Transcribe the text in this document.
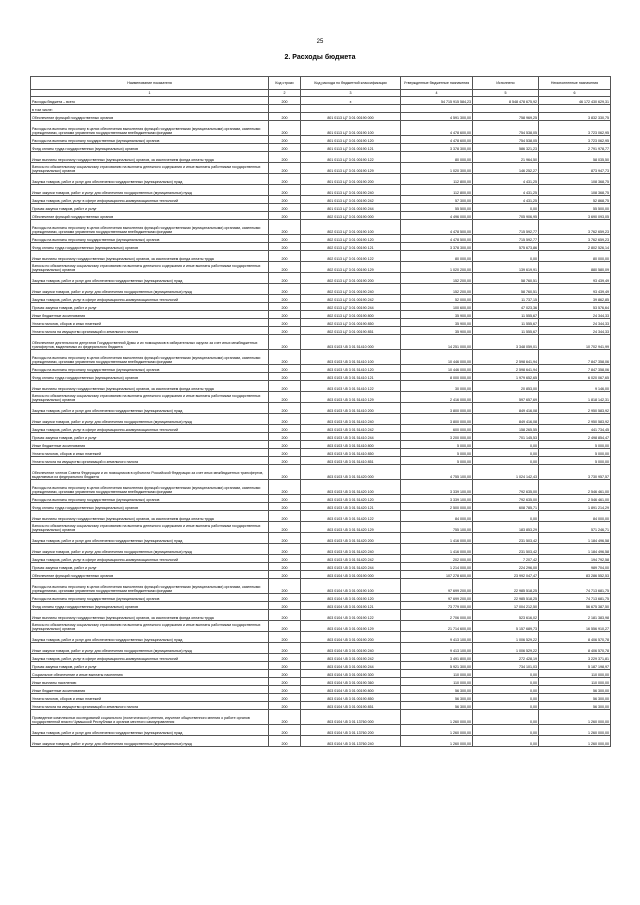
25
2. Расходы бюджета
Наименование показателя	Код строки	Код расхода по бюджетной классификации	Утвержденные бюджетные назначения	Исполнено	Неисполненные назначения
1	2	3	4	5	6
Расходы бюджета – всего	200	x	54 715 915 584,23	8 548 478 675,92	46 172 430 629,31
в том числе:					
Обеспечение функций государственных органов	200	801 0113 Ц7 3 01 00190 000	4 591 300,00	758 969,25	3 832 330,75
Расходы на выплаты персоналу в целях обеспечения выполнения функций государственными (муниципальными) органами, казенными учреждениями, органами управления государственными внебюджетными фондами	200	801 0113 Ц7 3 01 00190 100	4 478 600,00	754 538,05	3 723 062,95
Расходы на выплаты персоналу государственных (муниципальных) органов	200	801 0113 Ц7 3 01 00190 120	4 478 600,00	754 538,05	3 723 062,95
Фонд оплаты труда государственных (муниципальных) органов	200	801 0113 Ц7 3 01 00190 121	3 378 300,00	586 321,23	2 791 978,77
Иные выплаты персоналу государственных (муниципальных) органов, за исключением фонда оплаты труда	200	801 0113 Ц7 3 01 00190 122	80 000,00	21 964,50	58 035,50
Взносы по обязательному социальному страхованию на выплаты денежного содержания и иные выплаты работникам государственных (муниципальных) органов	200	801 0113 Ц7 3 01 00190 129	1 020 300,00	146 252,27	873 947,73
Закупка товаров, работ и услуг для обеспечения государственных (муниципальных) нужд	200	801 0113 Ц7 3 01 00190 200	112 800,00	4 431,25	108 368,75
Иные закупки товаров, работ и услуг для обеспечения государственных (муниципальных) нужд	200	801 0113 Ц7 3 01 00190 240	112 800,00	4 431,25	108 368,75
Закупка товаров, работ, услуг в сфере информационно-коммуникационных технологий	200	801 0113 Ц7 3 01 00190 242	57 300,00	4 431,25	52 868,75
Прочая закупка товаров, работ и услуг	200	801 0113 Ц7 3 01 00190 244	55 500,00	0,00	55 500,00
Обеспечение функций государственных органов	200	802 0113 Ц7 3 01 00190 000	4 496 000,00	705 906,95	3 690 093,05
Расходы на выплаты персоналу в целях обеспечения выполнения функций государственными (муниципальными) органами, казенными учреждениями, органами управления государственными внебюджетными фондами	200	802 0113 Ц7 3 01 00190 100	4 478 500,00	715 592,77	3 762 659,23
Расходы на выплаты персоналу государственных (муниципальных) органов	200	802 0113 Ц7 3 01 00190 120	4 478 500,00	715 592,77	3 762 659,23
Фонд оплаты труда государственных (муниципальных) органов	200	802 0113 Ц7 3 01 00190 121	3 378 300,00	575 673,86	2 802 526,14
Иные выплаты персоналу государственных (муниципальных) органов, за исключением фонда оплаты труда	200	802 0113 Ц7 3 01 00190 122	80 000,00	0,00	80 000,00
Взносы по обязательному социальному страхованию на выплаты денежного содержания и иные выплаты работникам государственных (муниципальных) органов	200	802 0113 Ц7 3 01 00190 129	1 020 200,00	139 619,91	880 580,09
Закупка товаров, работ и услуг для обеспечения государственных (муниципальных) нужд	200	802 0113 Ц7 3 01 00190 200	152 200,00	58 760,51	93 439,49
Иные закупки товаров, работ и услуг для обеспечения государственных (муниципальных) нужд	200	802 0113 Ц7 3 01 00190 240	152 200,00	58 760,51	93 439,49
Закупка товаров, работ, услуг в сфере информационно-коммуникационных технологий	200	802 0113 Ц7 3 01 00190 242	52 000,00	11 737,15	39 862,85
Прочая закупка товаров, работ и услуг	200	802 0113 Ц7 3 01 00190 244	100 600,00	47 023,36	53 576,64
Иные бюджетные ассигнования	200	802 0113 Ц7 3 01 00190 800	35 900,00	11 555,67	24 344,33
Уплата налогов, сборов и иных платежей	200	802 0113 Ц7 3 01 00190 850	35 900,00	11 555,67	24 344,33
Уплата налога на имущество организаций и земельного налога	200	802 0113 Ц7 3 01 00190 851	35 900,00	11 555,67	24 344,33
Обеспечение деятельности депутатов Государственной Думы и их помощников в избирательных округах за счет иных межбюджетных трансфертов, выделяемых из федерального бюджета	200	803 0103 Ч5 3 01 51410 000	14 251 000,00	3 348 059,01	10 702 941,99
Расходы на выплаты персоналу в целях обеспечения выполнения функций государственными (муниципальными) органами, казенными учреждениями, органами управления государственными внебюджетными фондами	200	803 0103 Ч5 3 01 51410 100	10 446 000,00	2 598 641,94	7 847 358,06
Расходы на выплаты персоналу государственных (муниципальных) органов	200	803 0103 Ч5 3 01 51410 120	10 446 000,00	2 598 641,94	7 847 358,06
Фонд оплаты труда государственных (муниципальных) органов	200	803 0103 Ч5 3 01 51410 121	8 000 000,00	1 979 652,65	6 020 067,65
Иные выплаты персоналу государственных (муниципальных) органов, за исключением фонда оплаты труда	200	803 0103 Ч5 3 01 51410 122	30 000,00	20 853,00	9 146,00
Взносы по обязательному социальному страхованию на выплаты денежного содержания и иные выплаты работникам государственных (муниципальных) органов	200	803 0103 Ч5 3 01 51410 129	2 416 000,00	597 657,69	1 818 142,31
Закупка товаров, работ и услуг для обеспечения государственных (муниципальных) нужд	200	803 0103 Ч5 3 01 51410 200	3 800 000,00	849 416,08	2 950 583,92
Иные закупки товаров, работ и услуг для обеспечения государственных (муниципальных) нужд	200	803 0103 Ч5 3 01 51410 240	3 800 000,00	849 416,08	2 950 583,92
Закупка товаров, работ, услуг в сфере информационно-коммуникационных технологий	200	803 0103 Ч5 3 01 51410 242	600 000,00	158 265,55	441 734,45
Прочая закупка товаров, работ и услуг	200	803 0103 Ч5 3 01 51410 244	3 200 000,00	701 145,53	2 498 854,47
Иные бюджетные ассигнования	200	803 0103 Ч5 3 01 51410 800	5 000,00	0,00	5 000,00
Уплата налогов, сборов и иных платежей	200	803 0103 Ч5 3 01 51410 850	5 000,00	0,00	5 000,00
Уплата налога на имущество организаций и земельного налога	200	803 0103 Ч5 3 01 51410 851	5 000,00	0,00	5 000,00
Обеспечение членов Совета Федерации и их помощников в субъектах Российской Федерации за счет иных межбюджетных трансфертов, выделяемых из федерального бюджета	200	803 0103 Ч5 3 01 51420 000	4 755 100,00	1 024 142,43	3 730 957,57
Расходы на выплаты персоналу в целях обеспечения выполнения функций государственными (муниципальными) органами, казенными учреждениями, органами управления государственными внебюджетными фондами	200	803 0103 Ч5 3 01 51420 100	3 339 100,00	792 635,00	2 546 461,00
Расходы на выплаты персоналу государственных (муниципальных) органов	200	803 0103 Ч5 3 01 51420 120	3 339 100,00	792 635,00	2 546 461,00
Фонд оплаты труда государственных (муниципальных) органов	200	803 0103 Ч5 3 01 51420 121	2 500 000,00	608 785,71	1 891 214,29
Иные выплаты персоналу государственных (муниципальных) органов, за исключением фонда оплаты труда	200	803 0103 Ч5 3 01 51420 122	84 000,00	0,00	84 000,00
Взносы по обязательному социальному страхованию на выплаты денежного содержания и иные выплаты работникам государственных (муниципальных) органов	200	803 0103 Ч5 3 01 51420 129	755 100,00	183 853,29	571 246,71
Закупка товаров, работ и услуг для обеспечения государственных (муниципальных) нужд	200	803 0103 Ч5 3 01 51420 200	1 416 000,00	231 503,42	1 184 496,58
Иные закупки товаров, работ и услуг для обеспечения государственных (муниципальных) нужд	200	803 0103 Ч5 3 01 51420 240	1 416 000,00	231 503,42	1 184 496,58
Закупка товаров, работ, услуг в сфере информационно-коммуникационных технологий	200	803 0103 Ч5 3 01 51420 242	202 000,00	7 207,42	194 792,58
Прочая закупка товаров, работ и услуг	200	803 0103 Ч5 3 01 51420 244	1 214 000,00	224 296,00	989 704,00
Обеспечение функций государственных органов	200	803 0104 Ч5 3 01 00190 000	107 278 600,00	23 992 047,47	83 286 552,53
Расходы на выплаты персоналу в целях обеспечения выполнения функций государственными (муниципальными) органами, казенными учреждениями, органами управления государственными внебюджетными фондами	200	803 0104 Ч5 3 01 00190 100	97 699 200,00	22 985 518,25	74 713 681,75
Расходы на выплаты персоналу государственных (муниципальных) органов	200	803 0104 Ч5 3 01 00190 120	97 699 200,00	22 985 518,25	74 713 681,75
Фонд оплаты труда государственных (муниципальных) органов	200	803 0104 Ч5 3 01 00190 121	73 779 000,00	17 004 212,50	56 675 387,50
Иные выплаты персоналу государственных (муниципальных) органов, за исключением фонда оплаты труда	200	803 0104 Ч5 3 01 00190 122	2 706 000,00	523 616,02	2 181 383,98
Взносы по обязательному социальному страхованию на выплаты денежного содержания и иные выплаты работникам государственных (муниципальных) органов	200	803 0104 Ч5 3 01 00190 129	21 714 600,00	5 157 689,73	16 556 910,27
Закупка товаров, работ и услуг для обеспечения государственных (муниципальных) нужд	200	803 0104 Ч5 3 01 00190 200	9 413 100,00	1 006 529,22	8 406 570,78
Иные закупки товаров, работ и услуг для обеспечения государственных (муниципальных) нужд	200	803 0104 Ч5 3 01 00190 240	9 413 100,00	1 006 529,22	8 406 570,78
Закупка товаров, работ, услуг в сфере информационно-коммуникационных технологий	200	803 0104 Ч5 3 01 00190 242	3 491 800,00	272 428,19	3 229 371,81
Прочая закупка товаров, работ и услуг	200	803 0104 Ч5 3 01 00190 244	5 921 300,00	734 101,03	5 187 198,97
Социальное обеспечение и иные выплаты населению	200	803 0104 Ч5 3 01 00190 300	110 000,00	0,00	110 000,00
Иные выплаты населению	200	803 0104 Ч5 3 01 00190 360	110 000,00	0,00	110 000,00
Иные бюджетные ассигнования	200	803 0104 Ч5 3 01 00190 800	56 300,00	0,00	56 300,00
Уплата налогов, сборов и иных платежей	200	803 0104 Ч5 3 01 00190 850	56 300,00	0,00	56 300,00
Уплата налога на имущество организаций и земельного налога	200	803 0104 Ч5 3 01 00190 851	56 300,00	0,00	56 300,00
Проведение комплексных исследований социального (политического) мнения, изучение общественного мнения о работе органов государственной власти Чувашской Республики и органов местного самоуправления	200	803 0104 Ч5 3 01 13760 000	1 260 000,00	0,00	1 260 000,00
Закупка товаров, работ и услуг для обеспечения государственных (муниципальных) нужд	200	803 0104 Ч5 3 01 13760 200	1 260 000,00	0,00	1 260 000,00
Иные закупки товаров, работ и услуг для обеспечения государственных (муниципальных) нужд	200	803 0104 Ч5 3 01 13760 240	1 260 000,00	0,00	1 260 000,00
